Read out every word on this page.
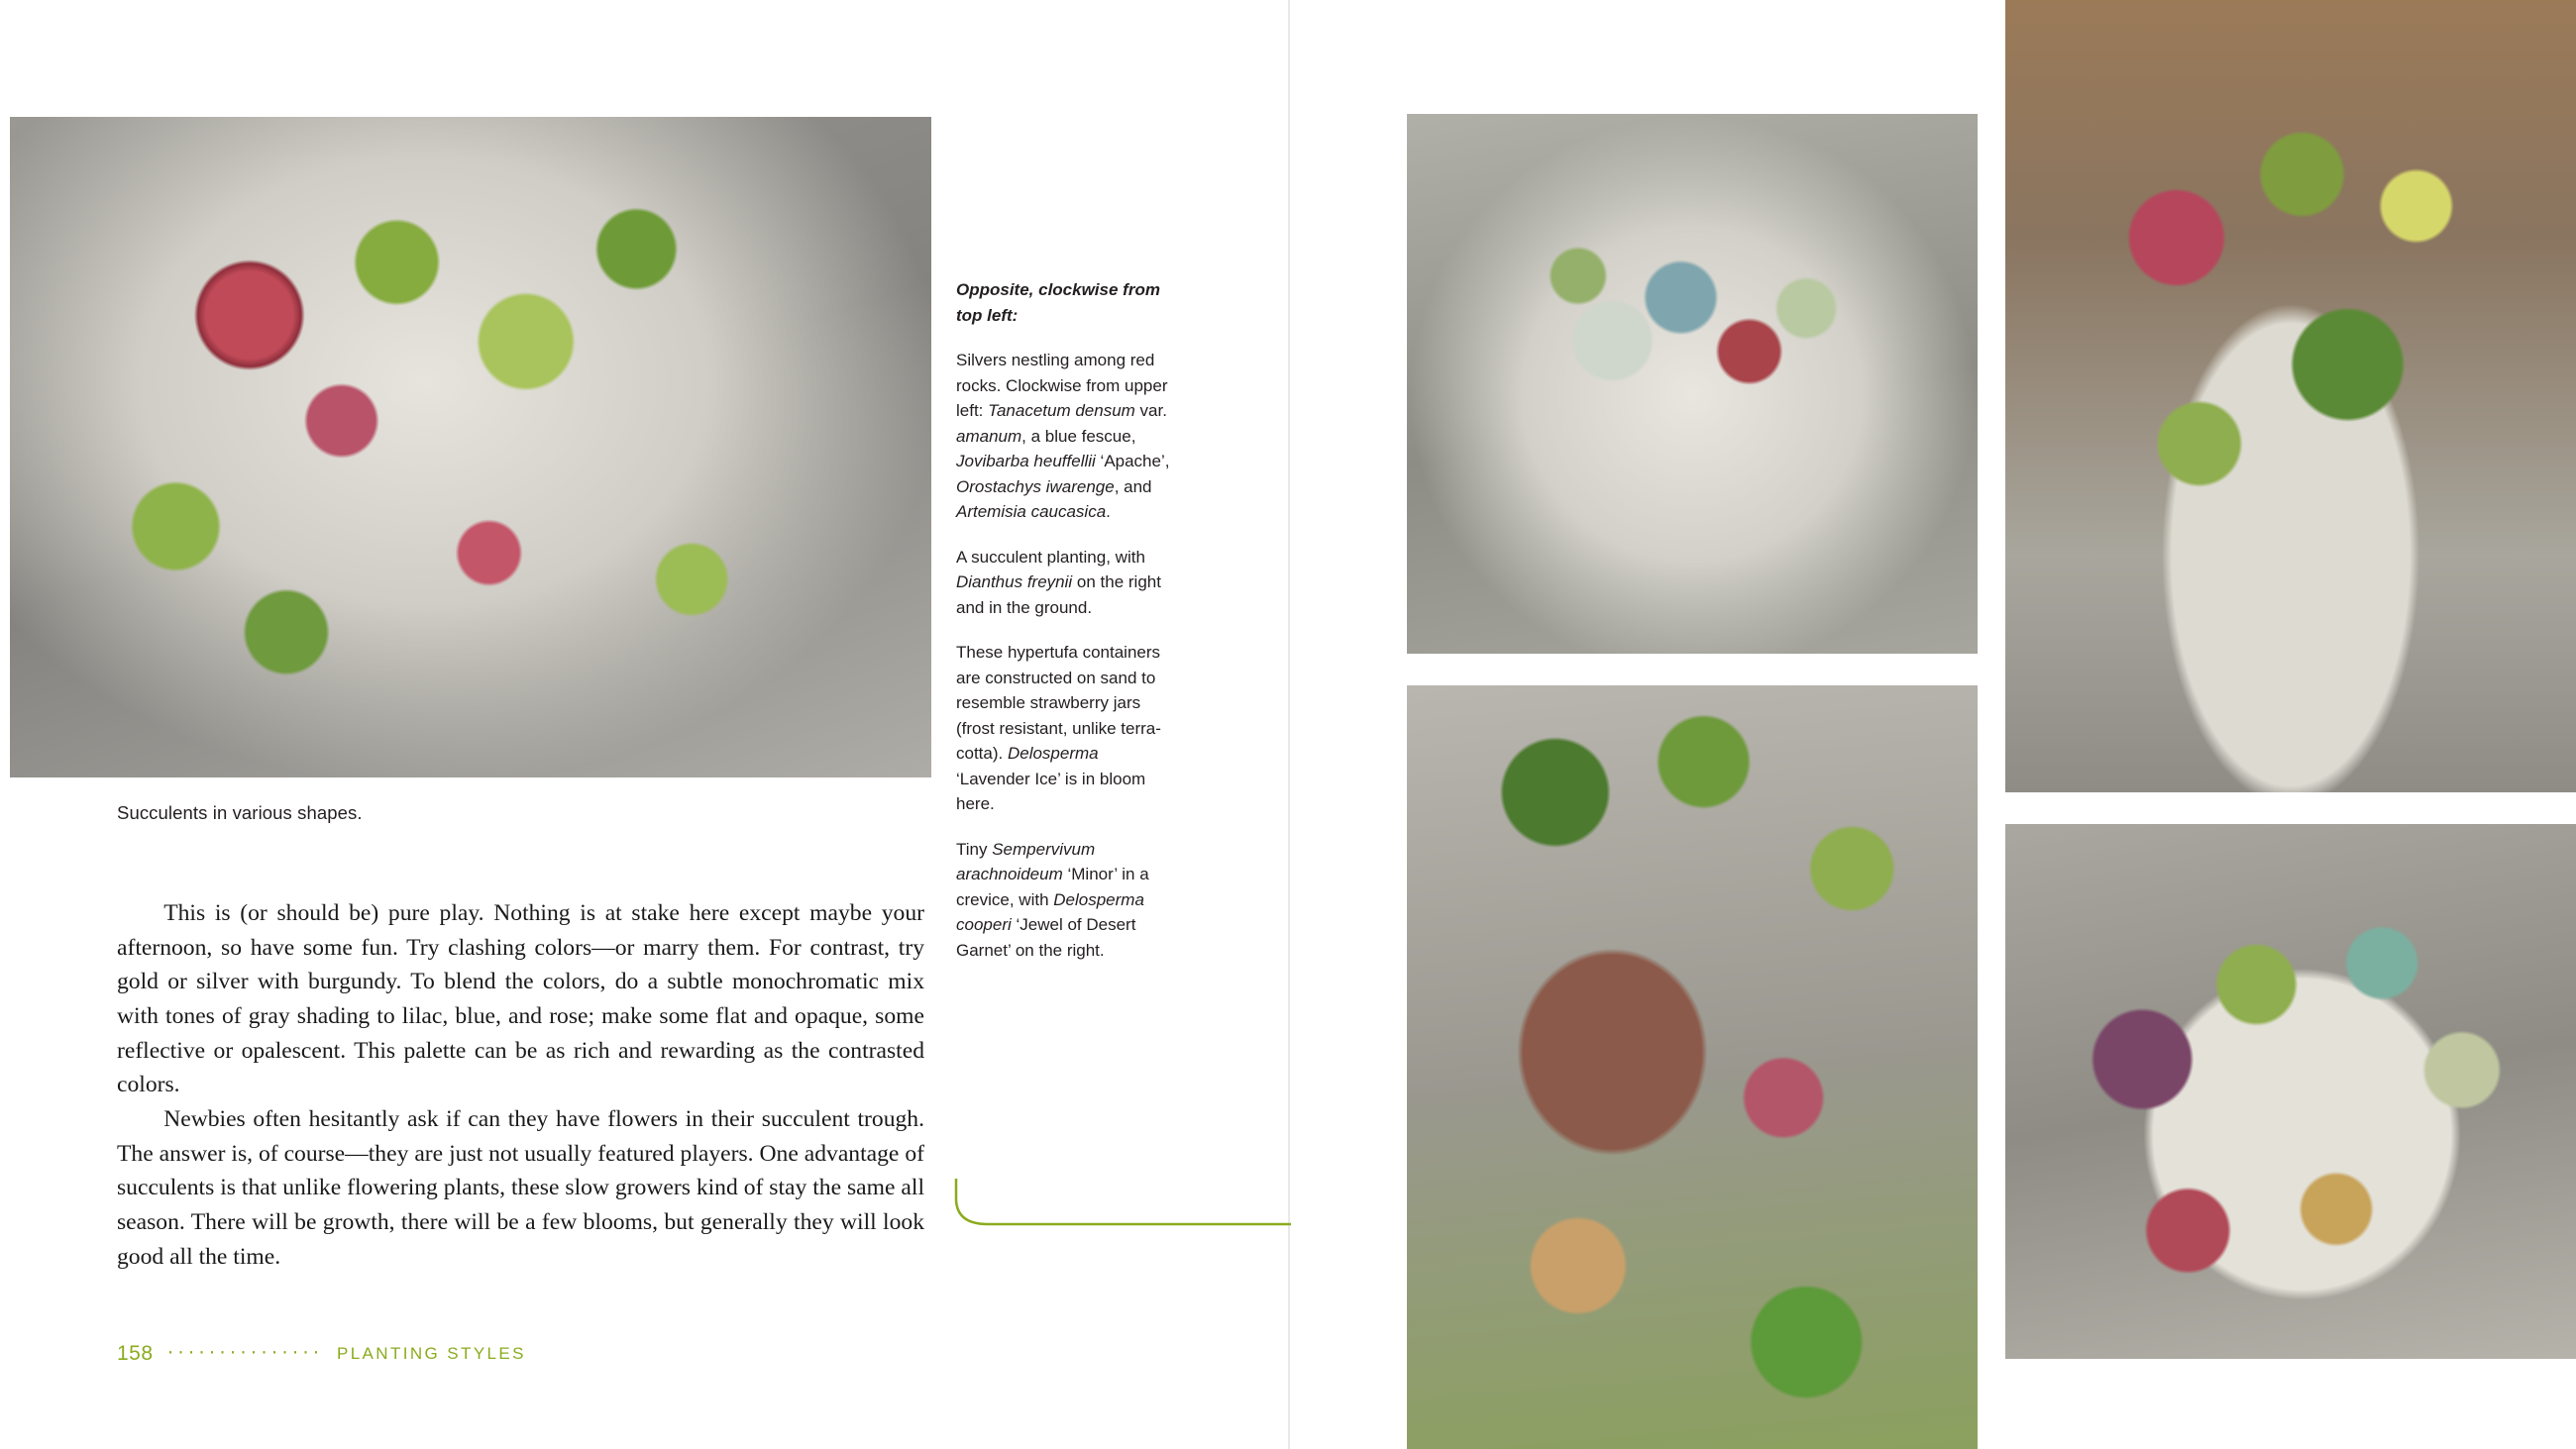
Succulents in various shapes.

This is (or should be) pure play. Nothing is at stake here except maybe your afternoon, so have some fun. Try clashing colors—or marry them. For contrast, try gold or silver with burgundy. To blend the colors, do a subtle monochromatic mix with tones of gray shading to lilac, blue, and rose; make some flat and opaque, some reflective or opalescent. This palette can be as rich and rewarding as the contrasted colors.

Newbies often hesitantly ask if can they have flowers in their succulent trough. The answer is, of course—they are just not usually featured players. One advantage of succulents is that unlike flowering plants, these slow growers kind of stay the same all season. There will be growth, there will be a few blooms, but generally they will look good all the time.

158 ··············· PLANTING STYLES

Opposite, clockwise from top left:

Silvers nestling among red rocks. Clockwise from upper left: Tanacetum densum var. amanum, a blue fescue, Jovibarba heuffellii ‘Apache’, Orostachys iwarenge, and Artemisia caucasica.

A succulent planting, with Dianthus freynii on the right and in the ground.

These hypertufa containers are constructed on sand to resemble strawberry jars (frost resistant, unlike terra-cotta). Delosperma ‘Lavender Ice’ is in bloom here.

Tiny Sempervivum arachnoideum ‘Minor’ in a crevice, with Delosperma cooperi ‘Jewel of Desert Garnet’ on the right.
